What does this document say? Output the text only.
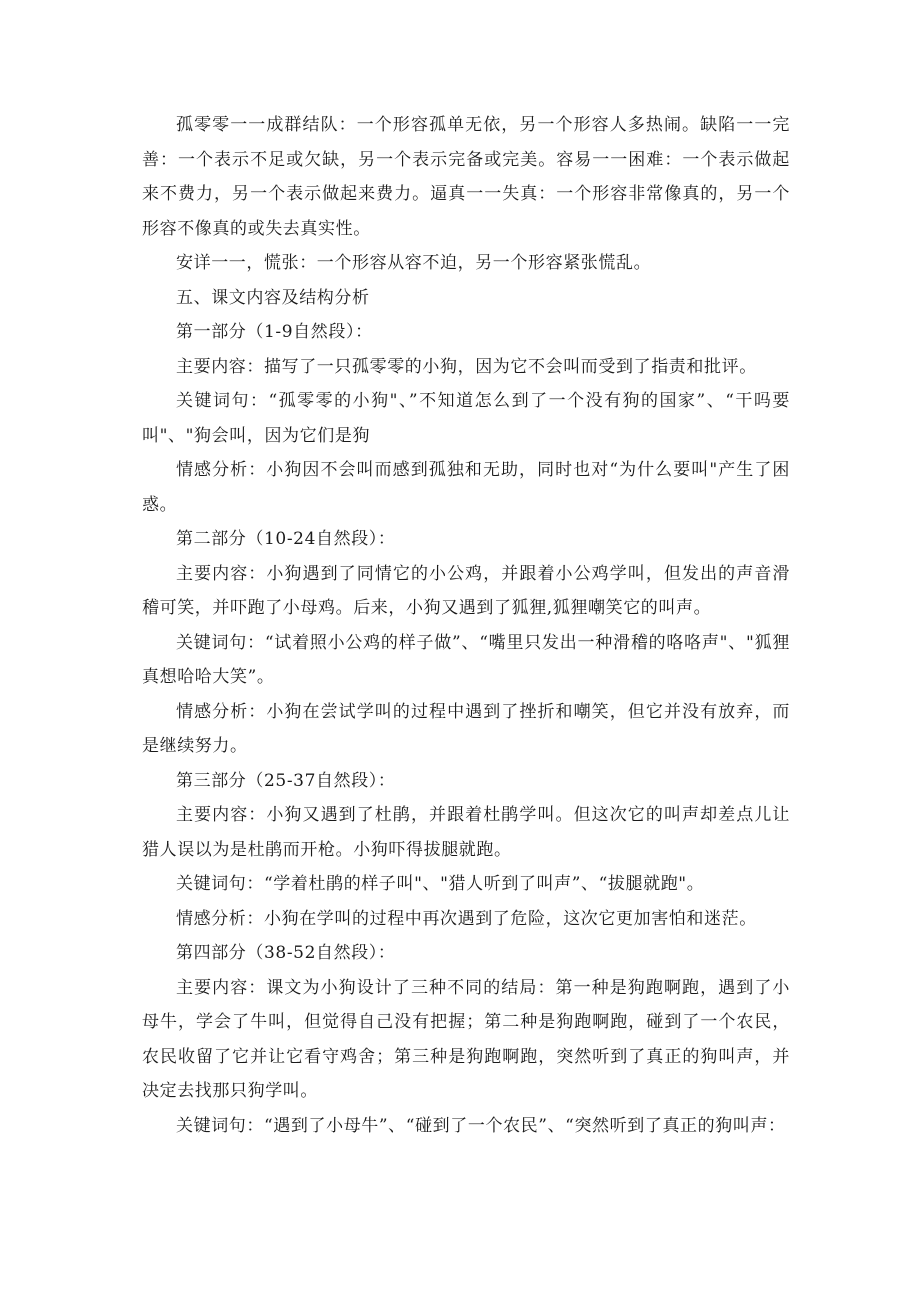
孤零零一一成群结队：一个形容孤单无依，另一个形容人多热闹。缺陷一一完善：一个表示不足或欠缺，另一个表示完备或完美。容易一一困难：一个表示做起来不费力，另一个表示做起来费力。逼真一一失真：一个形容非常像真的，另一个形容不像真的或失去真实性。

安详一一，慌张：一个形容从容不迫，另一个形容紧张慌乱。

五、课文内容及结构分析

第一部分（1-9自然段）：

主要内容：描写了一只孤零零的小狗，因为它不会叫而受到了指责和批评。

关键词句：“孤零零的小狗"、”不知道怎么到了一个没有狗的国家”、“干吗要叫"、"狗会叫，因为它们是狗

情感分析：小狗因不会叫而感到孤独和无助，同时也对“为什么要叫"产生了困惑。

第二部分（10-24自然段）：

主要内容：小狗遇到了同情它的小公鸡，并跟着小公鸡学叫，但发出的声音滑稽可笑，并吓跑了小母鸡。后来，小狗又遇到了狐狸,狐狸嘲笑它的叫声。

关键词句：“试着照小公鸡的样子做”、“嘴里只发出一种滑稽的咯咯声"、"狐狸真想哈哈大笑”。

情感分析：小狗在尝试学叫的过程中遇到了挫折和嘲笑，但它并没有放弃，而是继续努力。

第三部分（25-37自然段）：

主要内容：小狗又遇到了杜鹃，并跟着杜鹃学叫。但这次它的叫声却差点儿让猎人误以为是杜鹃而开枪。小狗吓得拔腿就跑。

关键词句：“学着杜鹃的样子叫"、"猎人听到了叫声”、“拔腿就跑"。

情感分析：小狗在学叫的过程中再次遇到了危险，这次它更加害怕和迷茫。

第四部分（38-52自然段）：

主要内容：课文为小狗设计了三种不同的结局：第一种是狗跑啊跑，遇到了小母牛，学会了牛叫，但觉得自己没有把握；第二种是狗跑啊跑，碰到了一个农民，农民收留了它并让它看守鸡舍；第三种是狗跑啊跑，突然听到了真正的狗叫声，并决定去找那只狗学叫。

关键词句：“遇到了小母牛”、“碰到了一个农民”、“突然听到了真正的狗叫声：
